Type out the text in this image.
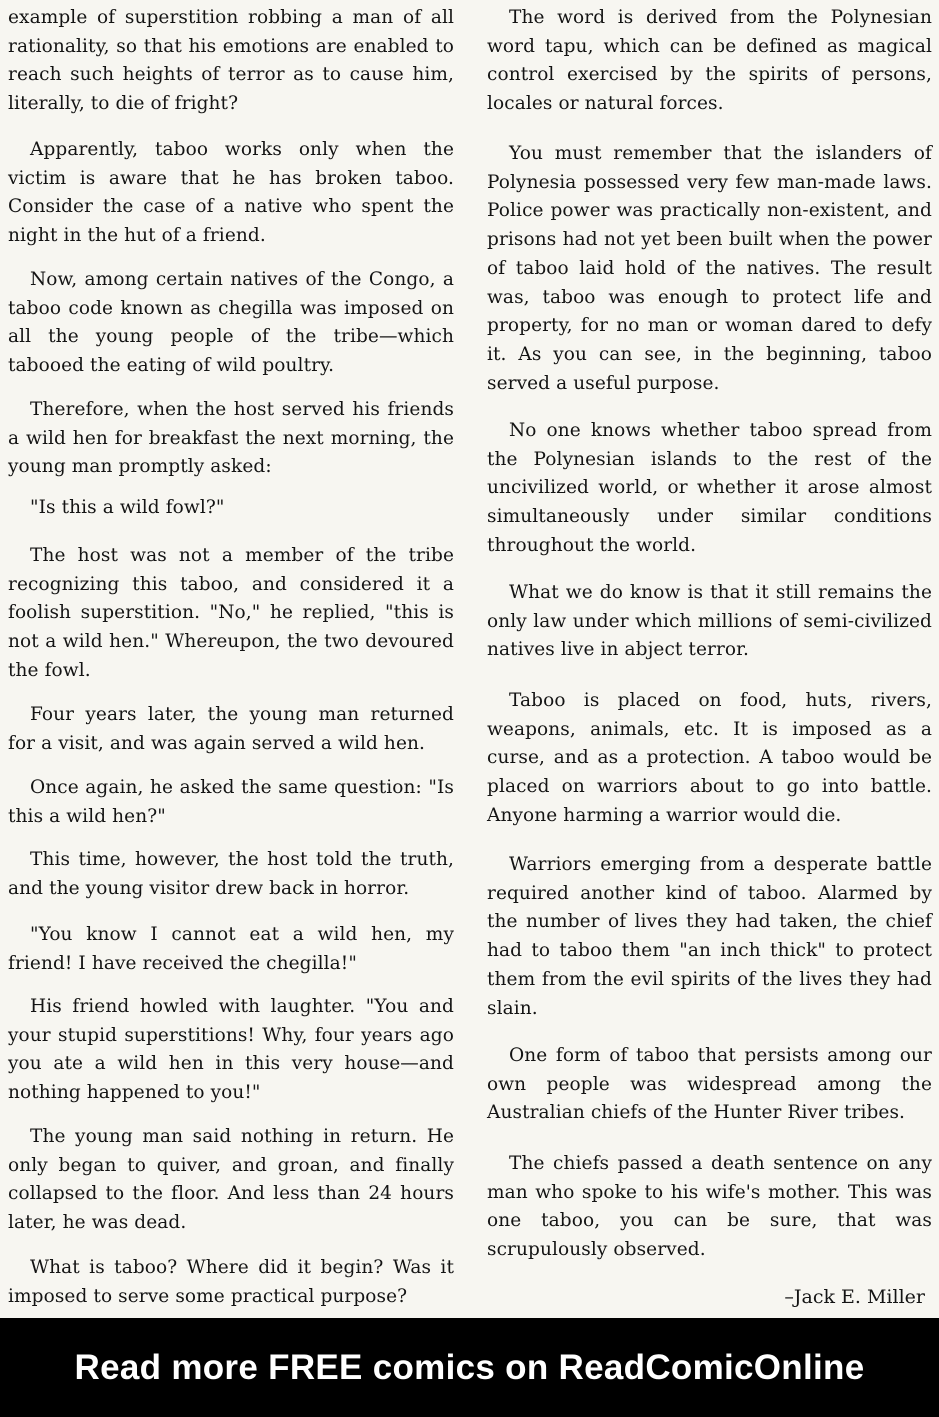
example of superstition robbing a man of all rationality, so that his emotions are enabled to reach such heights of terror as to cause him, literally, to die of fright?

Apparently, taboo works only when the victim is aware that he has broken taboo. Consider the case of a native who spent the night in the hut of a friend.

Now, among certain natives of the Congo, a taboo code known as chegilla was imposed on all the young people of the tribe—which tabooed the eating of wild poultry.

Therefore, when the host served his friends a wild hen for breakfast the next morning, the young man promptly asked:

"Is this a wild fowl?"

The host was not a member of the tribe recognizing this taboo, and considered it a foolish superstition. "No," he replied, "this is not a wild hen." Whereupon, the two devoured the fowl.

Four years later, the young man returned for a visit, and was again served a wild hen.

Once again, he asked the same question: "Is this a wild hen?"

This time, however, the host told the truth, and the young visitor drew back in horror.

"You know I cannot eat a wild hen, my friend! I have received the chegilla!"

His friend howled with laughter. "You and your stupid superstitions! Why, four years ago you ate a wild hen in this very house—and nothing happened to you!"

The young man said nothing in return. He only began to quiver, and groan, and finally collapsed to the floor. And less than 24 hours later, he was dead.

What is taboo? Where did it begin? Was it imposed to serve some practical purpose?

The word is derived from the Polynesian word tapu, which can be defined as magical control exercised by the spirits of persons, locales or natural forces.

You must remember that the islanders of Polynesia possessed very few man-made laws. Police power was practically non-existent, and prisons had not yet been built when the power of taboo laid hold of the natives. The result was, taboo was enough to protect life and property, for no man or woman dared to defy it. As you can see, in the beginning, taboo served a useful purpose.

No one knows whether taboo spread from the Polynesian islands to the rest of the uncivilized world, or whether it arose almost simultaneously under similar conditions throughout the world.

What we do know is that it still remains the only law under which millions of semi-civilized natives live in abject terror.

Taboo is placed on food, huts, rivers, weapons, animals, etc. It is imposed as a curse, and as a protection. A taboo would be placed on warriors about to go into battle. Anyone harming a warrior would die.

Warriors emerging from a desperate battle required another kind of taboo. Alarmed by the number of lives they had taken, the chief had to taboo them "an inch thick" to protect them from the evil spirits of the lives they had slain.

One form of taboo that persists among our own people was widespread among the Australian chiefs of the Hunter River tribes.

The chiefs passed a death sentence on any man who spoke to his wife's mother. This was one taboo, you can be sure, that was scrupulously observed.

–Jack E. Miller

Read more FREE comics on ReadComicOnline
